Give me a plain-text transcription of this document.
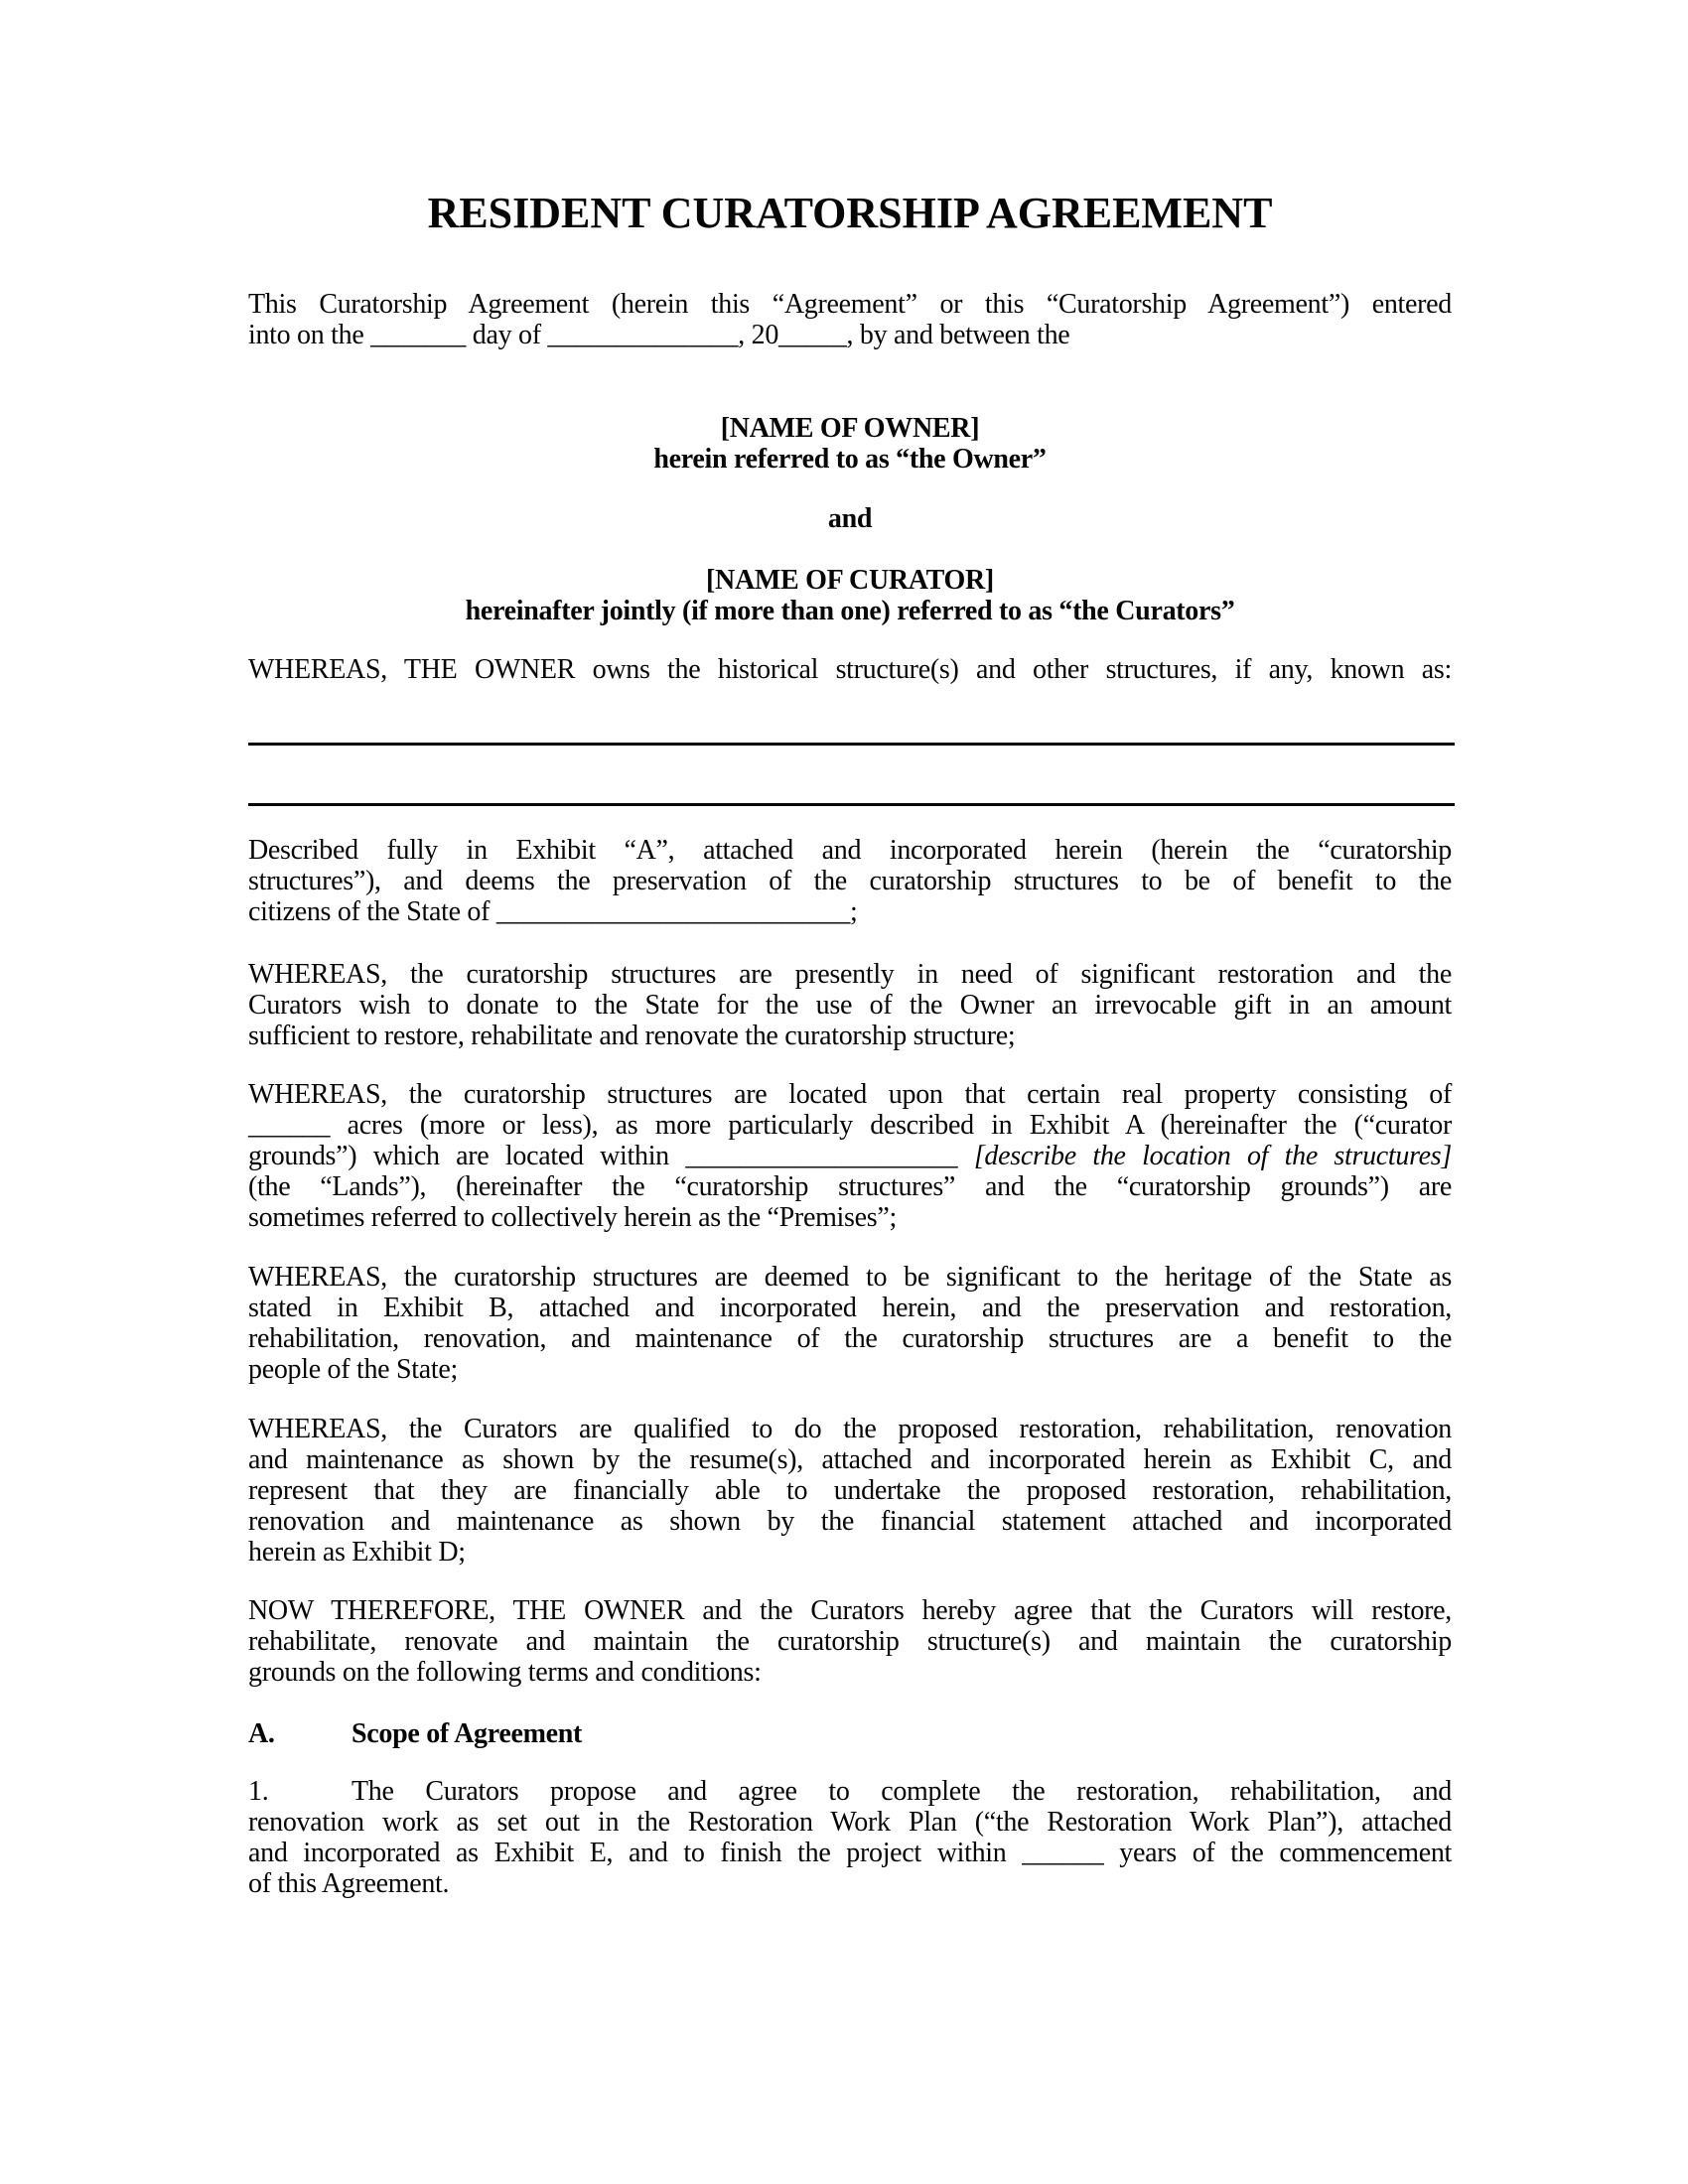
RESIDENT CURATORSHIP AGREEMENT
This Curatorship Agreement (herein this “Agreement” or this “Curatorship Agreement”) entered
into on the _______ day of ______________, 20_____, by and between the
[NAME OF OWNER]
herein referred to as “the Owner”
and
[NAME OF CURATOR]
hereinafter jointly (if more than one) referred to as “the Curators”
WHEREAS, THE OWNER owns the historical structure(s) and other structures, if any, known as:
Described fully in Exhibit “A”, attached and incorporated herein (herein the “curatorship
structures”), and deems the preservation of the curatorship structures to be of benefit to the
citizens of the State of __________________________;
WHEREAS, the curatorship structures are presently in need of significant restoration and the
Curators wish to donate to the State for the use of the Owner an irrevocable gift in an amount
sufficient to restore, rehabilitate and renovate the curatorship structure;
WHEREAS, the curatorship structures are located upon that certain real property consisting of
______ acres (more or less), as more particularly described in Exhibit A (hereinafter the (“curator
grounds”) which are located within ____________________ [describe the location of the structures]
(the “Lands”), (hereinafter the “curatorship structures” and the “curatorship grounds”) are
sometimes referred to collectively herein as the “Premises”;
WHEREAS, the curatorship structures are deemed to be significant to the heritage of the State as
stated in Exhibit B, attached and incorporated herein, and the preservation and restoration,
rehabilitation, renovation, and maintenance of the curatorship structures are a benefit to the
people of the State;
WHEREAS, the Curators are qualified to do the proposed restoration, rehabilitation, renovation
and maintenance as shown by the resume(s), attached and incorporated herein as Exhibit C, and
represent that they are financially able to undertake the proposed restoration, rehabilitation,
renovation and maintenance as shown by the financial statement attached and incorporated
herein as Exhibit D;
NOW THEREFORE, THE OWNER and the Curators hereby agree that the Curators will restore,
rehabilitate, renovate and maintain the curatorship structure(s) and maintain the curatorship
grounds on the following terms and conditions:
A.	Scope of Agreement
1.	The Curators propose and agree to complete the restoration, rehabilitation, and
renovation work as set out in the Restoration Work Plan (“the Restoration Work Plan”), attached
and incorporated as Exhibit E, and to finish the project within ______ years of the commencement
of this Agreement.
